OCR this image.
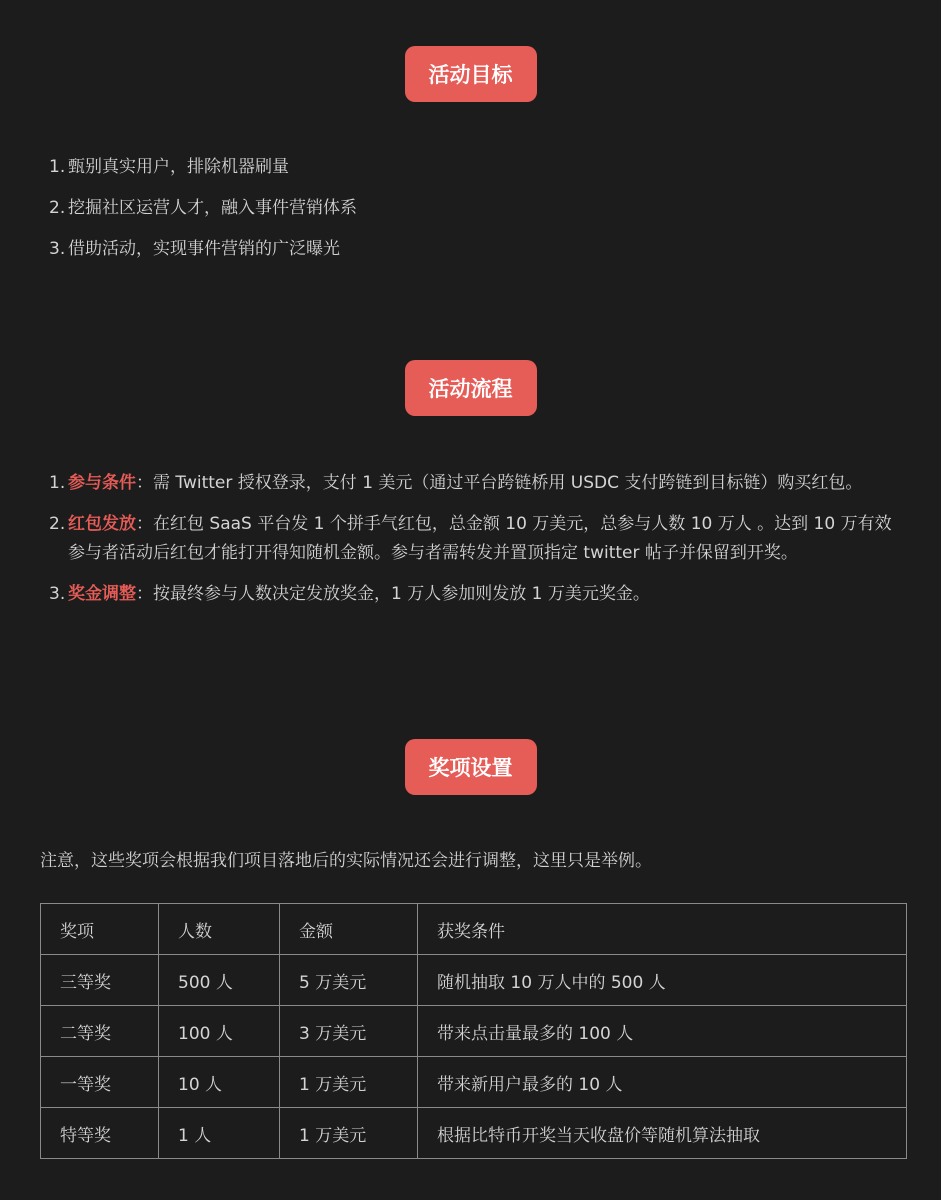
活动目标
1. 甄别真实用户，排除机器刷量
2. 挖掘社区运营人才，融入事件营销体系
3. 借助活动，实现事件营销的广泛曝光
活动流程
1. 参与条件：需 Twitter 授权登录，支付 1 美元（通过平台跨链桥用 USDC 支付跨链到目标链）购买红包。
2. 红包发放：在红包 SaaS 平台发 1 个拼手气红包，总金额 10 万美元，总参与人数 10 万人 。达到 10 万有效参与者活动后红包才能打开得知随机金额。参与者需转发并置顶指定 twitter 帖子并保留到开奖。
3. 奖金调整：按最终参与人数决定发放奖金，1 万人参加则发放 1 万美元奖金。
奖项设置
注意，这些奖项会根据我们项目落地后的实际情况还会进行调整，这里只是举例。
奖项	人数	金额	获奖条件
三等奖	500 人	5 万美元	随机抽取 10 万人中的 500 人
二等奖	100 人	3 万美元	带来点击量最多的 100 人
一等奖	10 人	1 万美元	带来新用户最多的 10 人
特等奖	1 人	1 万美元	根据比特币开奖当天收盘价等随机算法抽取
